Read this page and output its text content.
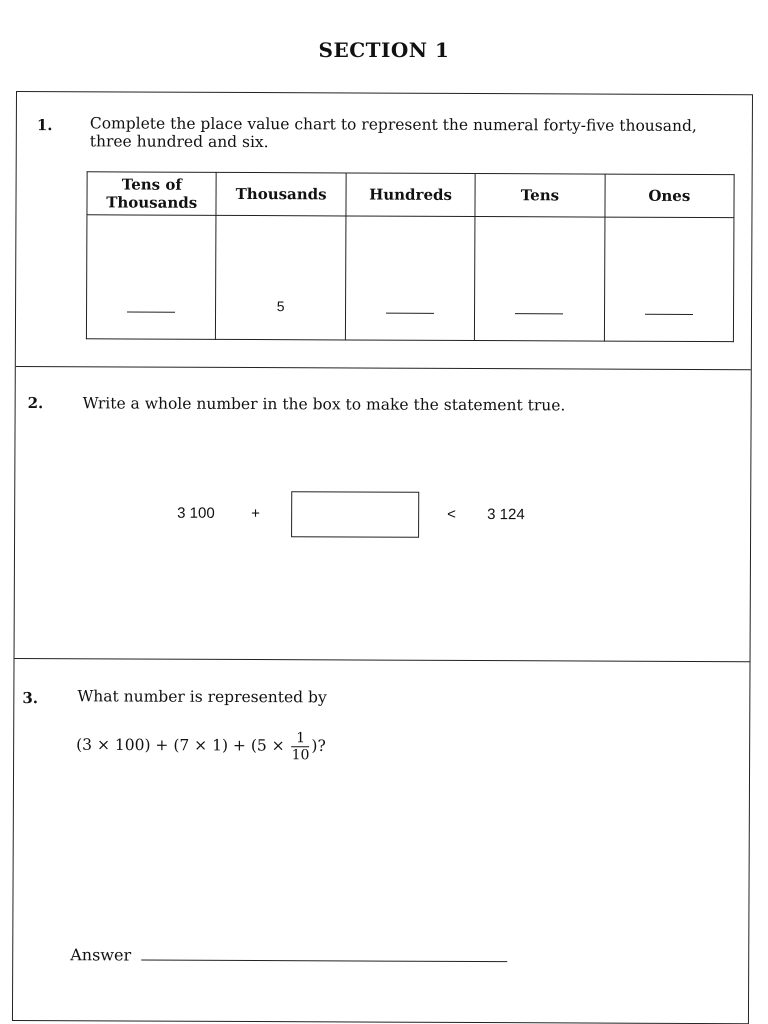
SECTION 1
1. Complete the place value chart to represent the numeral forty-five thousand, three hundred and six.
Tens of Thousands	Thousands	Hundreds	Tens	Ones
	5			
2.	Write a whole number in the box to make the statement true.
3 100 +	< 3 124
3.	What number is represented by
$(3 \times 100) + (7 \times 1) + (5 \times \frac{1}{10}$ )?
Answer
